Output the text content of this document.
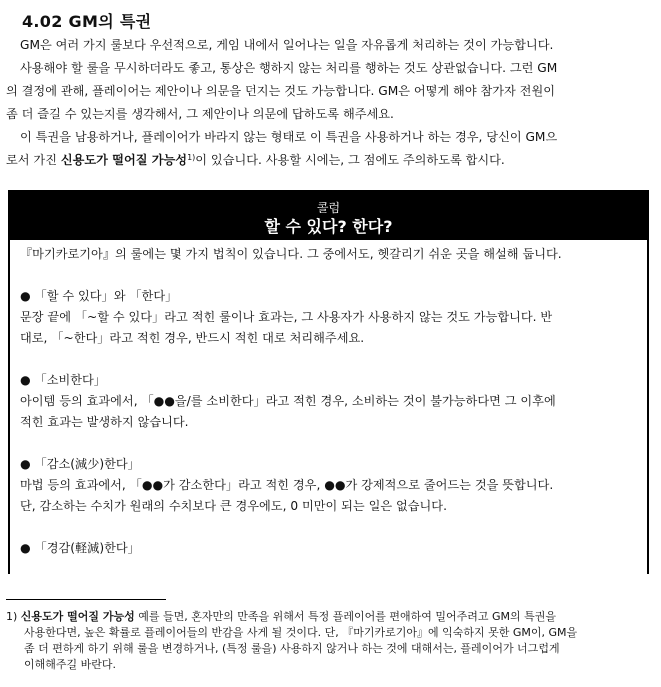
4.02 GM의 특권

GM은 여러 가지 룰보다 우선적으로, 게임 내에서 일어나는 일을 자유롭게 처리하는 것이 가능합니다.

사용해야 할 룰을 무시하더라도 좋고, 통상은 행하지 않는 처리를 행하는 것도 상관없습니다. 그런 GM

의 결정에 관해, 플레이어는 제안이나 의문을 던지는 것도 가능합니다. GM은 어떻게 해야 참가자 전원이

좀 더 즐길 수 있는지를 생각해서, 그 제안이나 의문에 답하도록 해주세요.

이 특권을 남용하거나, 플레이어가 바라지 않는 형태로 이 특권을 사용하거나 하는 경우, 당신이 GM으

로서 가진 신용도가 떨어질 가능성$^{1)}$이 있습니다. 사용할 시에는, 그 점에도 주의하도록 합시다.

콜럼
할 수 있다? 한다?

『마기카로기아』의 룰에는 몇 가지 법칙이 있습니다. 그 중에서도, 헷갈리기 쉬운 곳을 해설해 둡니다.

● 「할 수 있다」와 「한다」

문장 끝에 「~할 수 있다」라고 적힌 룰이나 효과는, 그 사용자가 사용하지 않는 것도 가능합니다. 반

대로, 「~한다」라고 적힌 경우, 반드시 적힌 대로 처리해주세요.

● 「소비한다」

아이템 등의 효과에서, 「●●을/를 소비한다」라고 적힌 경우, 소비하는 것이 불가능하다면 그 이후에

적힌 효과는 발생하지 않습니다.

● 「감소(減少)한다」

마법 등의 효과에서, 「●●가 감소한다」라고 적힌 경우, ●●가 강제적으로 줄어드는 것을 뜻합니다.

단, 감소하는 수치가 원래의 수치보다 큰 경우에도, 0 미만이 되는 일은 없습니다.

● 「경감(軽減)한다」

1) 신용도가 떨어질 가능성 예를 들면, 혼자만의 만족을 위해서 특정 플레이어를 편애하여 밀어주려고 GM의 특권을

사용한다면, 높은 확률로 플레이어들의 반감을 사게 될 것이다. 단, 『마기카로기아』에 익숙하지 못한 GM이, GM을

좀 더 편하게 하기 위해 룰을 변경하거나, (특정 룰을) 사용하지 않거나 하는 것에 대해서는, 플레이어가 너그럽게

이해해주길 바란다.
